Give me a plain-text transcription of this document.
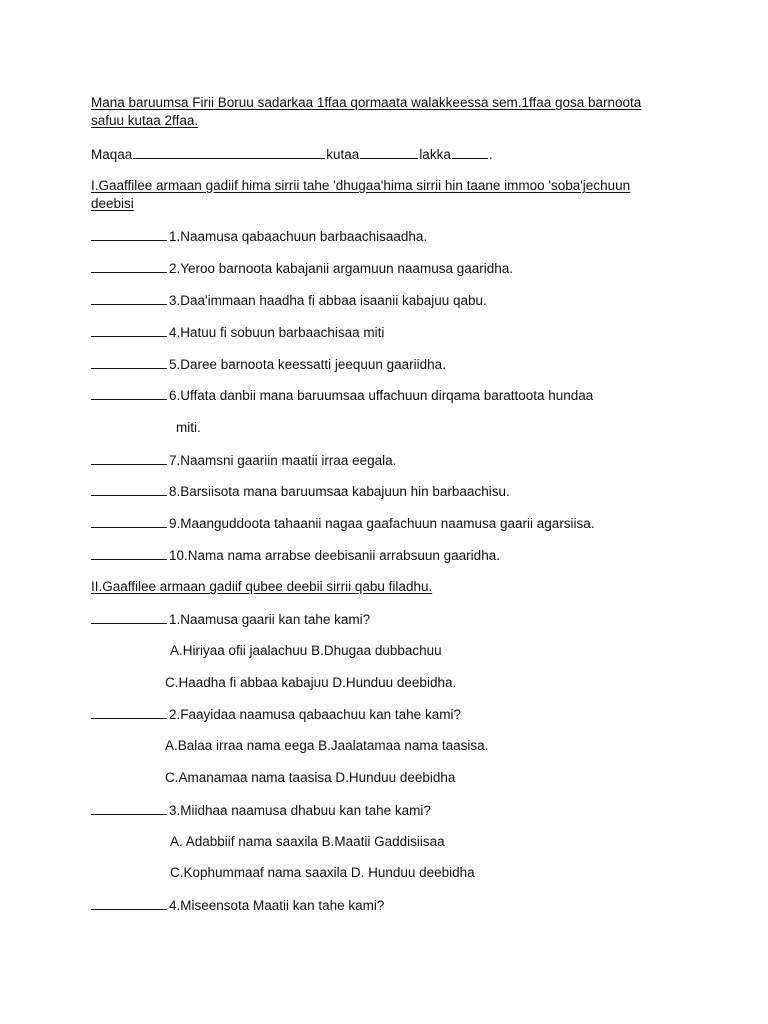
Mana baruumsa Firii Boruu sadarkaa 1ffaa qormaata walakkeessa sem.1ffaa gosa barnoota
safuu kutaa 2ffaa.
Maqaa	kutaa	lakka	.
I.Gaaffilee armaan gadiif hima sirrii tahe 'dhugaa'hima sirrii hin taane immoo 'soba'jechuun
deebisi
1.Naamusa qabaachuun barbaachisaadha.
2.Yeroo barnoota kabajanii argamuun naamusa gaaridha.
3.Daa'immaan haadha fi abbaa isaanii kabajuu qabu.
4.Hatuu fi sobuun barbaachisaa miti
5.Daree barnoota keessatti jeequun gaariidha.
6.Uffata danbii mana baruumsaa uffachuun dirqama barattoota hundaa
miti.
7.Naamsni gaariin maatii irraa eegala.
8.Barsiisota mana baruumsaa kabajuun hin barbaachisu.
9.Maanguddoota tahaanii nagaa gaafachuun naamusa gaarii agarsiisa.
10.Nama nama arrabse deebisanii arrabsuun gaaridha.
II.Gaaffilee armaan gadiif qubee deebii sirrii qabu filadhu.
1.Naamusa gaarii kan tahe kami?
A.Hiriyaa ofii jaalachuu B.Dhugaa dubbachuu
C.Haadha fi abbaa kabajuu D.Hunduu deebidha.
2.Faayidaa naamusa qabaachuu kan tahe kami?
A.Balaa irraa nama eega B.Jaalatamaa nama taasisa.
C.Amanamaa nama taasisa D.Hunduu deebidha
3.Miidhaa naamusa dhabuu kan tahe kami?
A. Adabbiif nama saaxila B.Maatii Gaddisiisaa
C.Kophummaaf nama saaxila D. Hunduu deebidha
4.Miseensota Maatii kan tahe kami?
